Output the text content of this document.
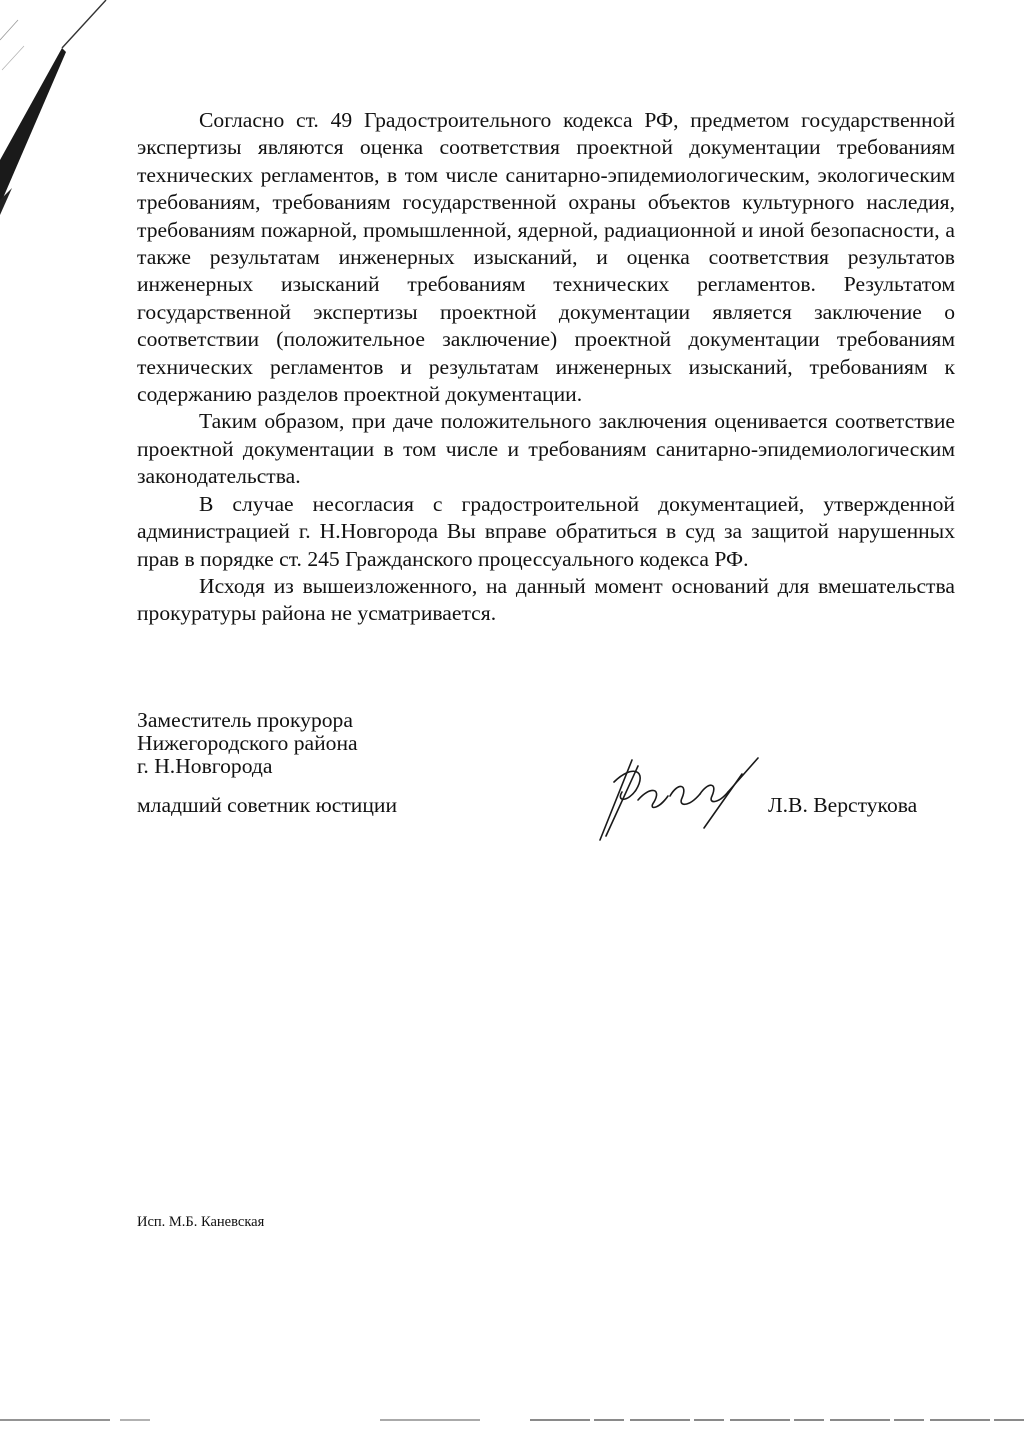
Согласно ст. 49 Градостроительного кодекса РФ, предметом государственной экспертизы являются оценка соответствия проектной документации требованиям технических регламентов, в том числе санитарно-эпидемиологическим, экологическим требованиям, требованиям государственной охраны объектов культурного наследия, требованиям пожарной, промышленной, ядерной, радиационной и иной безопасности, а также результатам инженерных изысканий, и оценка соответствия результатов инженерных изысканий требованиям технических регламентов. Результатом государственной экспертизы проектной документации является заключение о соответствии (положительное заключение) проектной документации требованиям технических регламентов и результатам инженерных изысканий, требованиям к содержанию разделов проектной документации.

Таким образом, при даче положительного заключения оценивается соответствие проектной документации в том числе и требованиям санитарно-эпидемиологическим законодательства.

В случае несогласия с градостроительной документацией, утвержденной администрацией г. Н.Новгорода Вы вправе обратиться в суд за защитой нарушенных прав в порядке ст. 245 Гражданского процессуального кодекса РФ.

Исходя из вышеизложенного, на данный момент оснований для вмешательства прокуратуры района не усматривается.

Заместитель прокурора
Нижегородского района
г. Н.Новгорода
младший советник юстиции	Л.В. Верстукова
Исп. М.Б. Каневская
